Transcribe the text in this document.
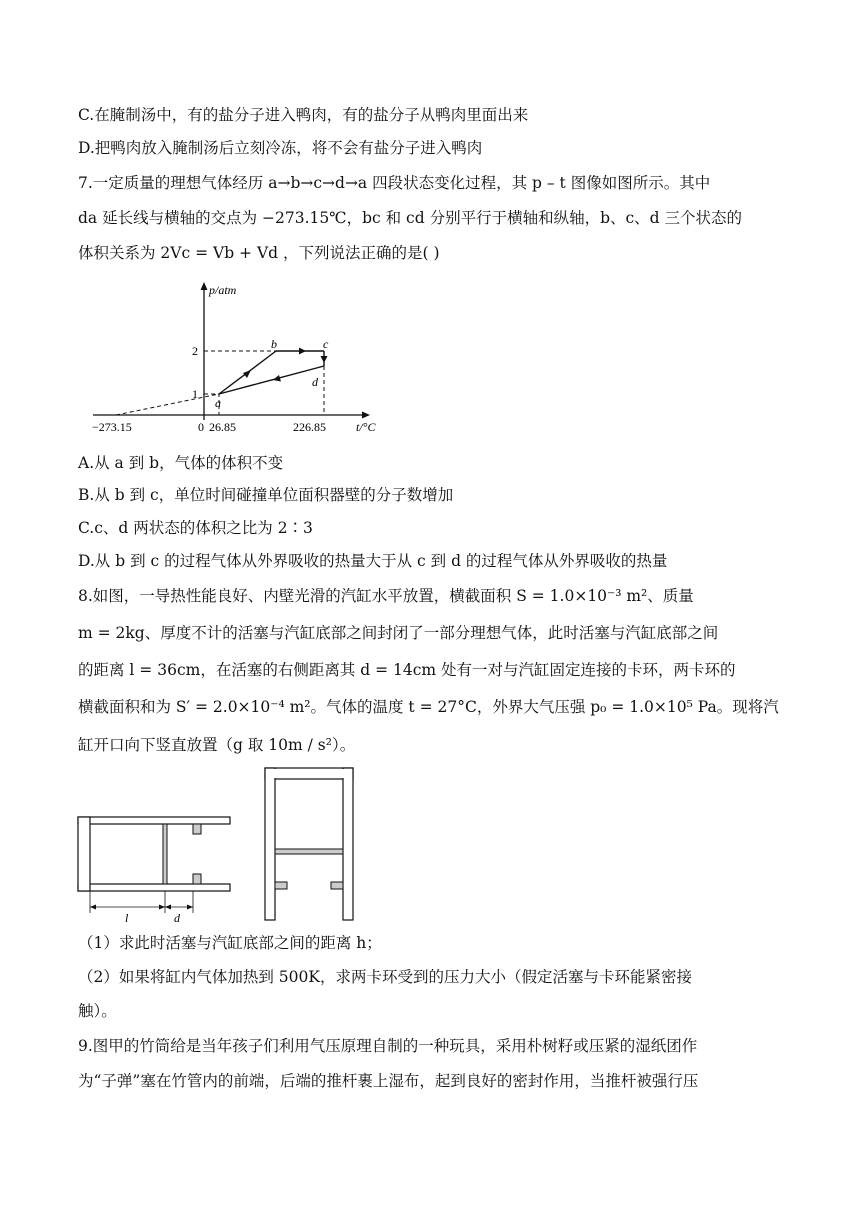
C.在腌制汤中，有的盐分子进入鸭肉，有的盐分子从鸭肉里面出来
D.把鸭肉放入腌制汤后立刻冷冻，将不会有盐分子进入鸭肉
7.一定质量的理想气体经历 a→b→c→d→a 四段状态变化过程，其 p – t 图像如图所示。其中
da 延长线与横轴的交点为 −273.15℃，bc 和 cd 分别平行于横轴和纵轴，b、c、d 三个状态的
体积关系为 2Vc = Vb + Vd ，下列说法正确的是( )
p/atm
t/°C
2
1
−273.15	0 26.85	226.85
a
b	c
d
A.从 a 到 b，气体的体积不变
B.从 b 到 c，单位时间碰撞单位面积器壁的分子数增加
C.c、d 两状态的体积之比为 2∶3
D.从 b 到 c 的过程气体从外界吸收的热量大于从 c 到 d 的过程气体从外界吸收的热量
8.如图，一导热性能良好、内壁光滑的汽缸水平放置，横截面积 S = 1.0×10⁻³ m²、质量
m = 2kg、厚度不计的活塞与汽缸底部之间封闭了一部分理想气体，此时活塞与汽缸底部之间
的距离 l = 36cm，在活塞的右侧距离其 d = 14cm 处有一对与汽缸固定连接的卡环，两卡环的
横截面积和为 S′ = 2.0×10⁻⁴ m²。气体的温度 t = 27°C，外界大气压强 p₀ = 1.0×10⁵ Pa。现将汽
缸开口向下竖直放置（g 取 10m / s²）。
l	d
（1）求此时活塞与汽缸底部之间的距离 h；
（2）如果将缸内气体加热到 500K，求两卡环受到的压力大小（假定活塞与卡环能紧密接
触）。
9.图甲的竹筒给是当年孩子们利用气压原理自制的一种玩具，采用朴树籽或压紧的湿纸团作
为“子弹”塞在竹管内的前端，后端的推杆裹上湿布，起到良好的密封作用，当推杆被强行压
